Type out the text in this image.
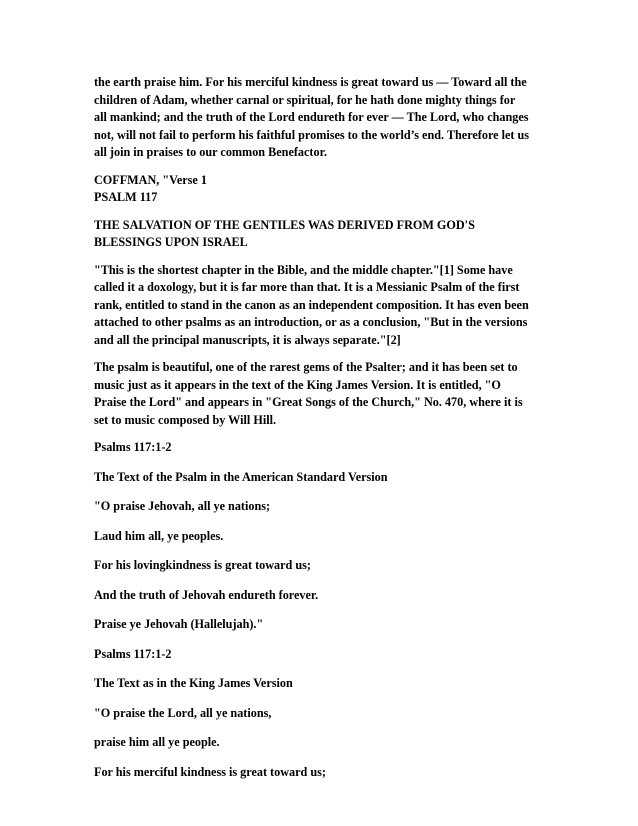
the earth praise him. For his merciful kindness is great toward us — Toward all the
children of Adam, whether carnal or spiritual, for he hath done mighty things for
all mankind; and the truth of the Lord endureth for ever — The Lord, who changes
not, will not fail to perform his faithful promises to the world’s end. Therefore let us
all join in praises to our common Benefactor.

COFFMAN, "Verse 1
PSALM 117

THE SALVATION OF THE GENTILES WAS DERIVED FROM GOD'S
BLESSINGS UPON ISRAEL

"This is the shortest chapter in the Bible, and the middle chapter."[1] Some have
called it a doxology, but it is far more than that. It is a Messianic Psalm of the first
rank, entitled to stand in the canon as an independent composition. It has even been
attached to other psalms as an introduction, or as a conclusion, "But in the versions
and all the principal manuscripts, it is always separate."[2]

The psalm is beautiful, one of the rarest gems of the Psalter; and it has been set to
music just as it appears in the text of the King James Version. It is entitled, "O
Praise the Lord" and appears in "Great Songs of the Church," No. 470, where it is
set to music composed by Will Hill.

Psalms 117:1-2

The Text of the Psalm in the American Standard Version

"O praise Jehovah, all ye nations;

Laud him all, ye peoples.

For his lovingkindness is great toward us;

And the truth of Jehovah endureth forever.

Praise ye Jehovah (Hallelujah)."

Psalms 117:1-2

The Text as in the King James Version

"O praise the Lord, all ye nations,

praise him all ye people.

For his merciful kindness is great toward us;
